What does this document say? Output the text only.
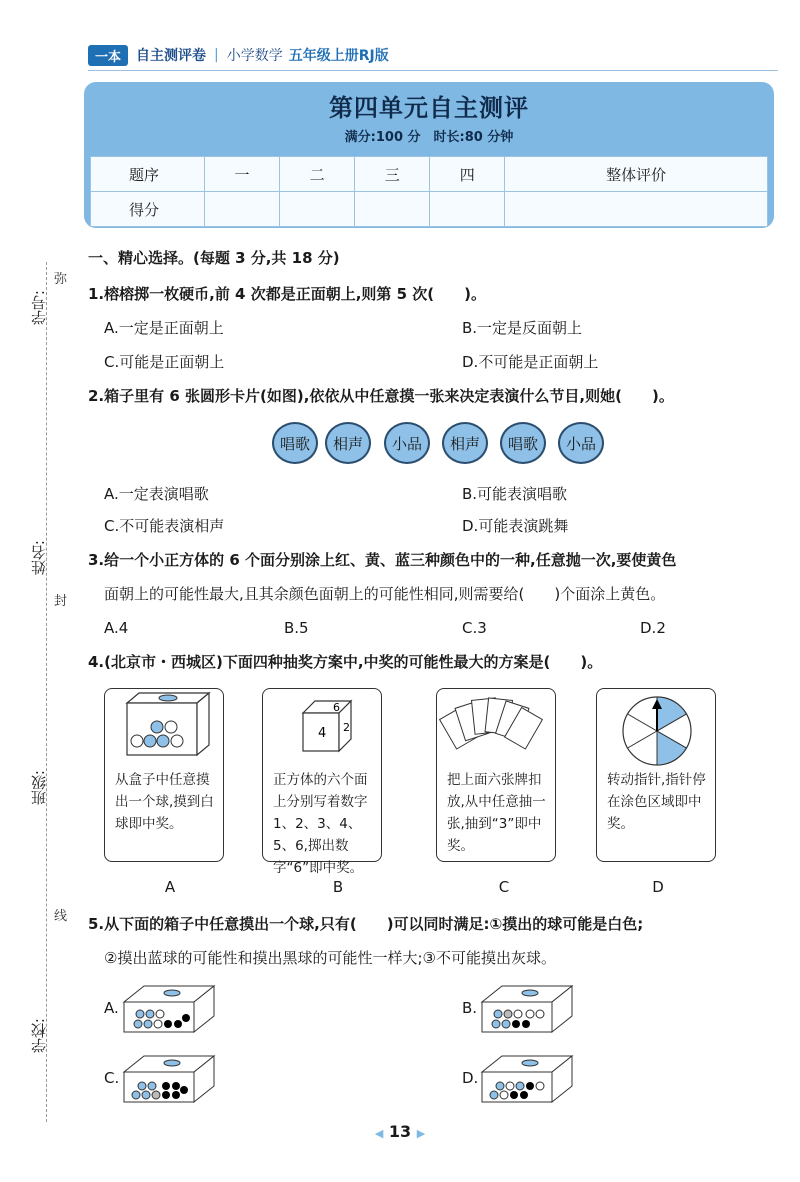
一本	自主测评卷 | 小学数学 五年级上册RJ版
第四单元自主测评
满分:100 分　时长:80 分钟
题序	一	二	三	四	整体评价
得分					
学号:
姓名:
班级:
学校:
弥
封
线
一、精心选择。(每题 3 分,共 18 分)
1.榕榕掷一枚硬币,前 4 次都是正面朝上,则第 5 次(　　)。
A.一定是正面朝上	B.一定是反面朝上
C.可能是正面朝上	D.不可能是正面朝上
2.箱子里有 6 张圆形卡片(如图),依依从中任意摸一张来决定表演什么节目,则她(　　)。
唱歌	相声	小品	相声	唱歌	小品
A.一定表演唱歌	B.可能表演唱歌
C.不可能表演相声	D.可能表演跳舞
3.给一个小正方体的 6 个面分别涂上红、黄、蓝三种颜色中的一种,任意抛一次,要使黄色
面朝上的可能性最大,且其余颜色面朝上的可能性相同,则需要给(　　)个面涂上黄色。
A.4	B.5	C.3	D.2
4.(北京市・西城区)下面四种抽奖方案中,中奖的可能性最大的方案是(　　)。
从盒子中任意摸出一个球,摸到白球即中奖。
A
6
4 2
正方体的六个面上分别写着数字1、2、3、4、5、6,掷出数字“6”即中奖。
B
把上面六张牌扣放,从中任意抽一张,抽到“3”即中奖。
C
转动指针,指针停在涂色区域即中奖。
D
5.从下面的箱子中任意摸出一个球,只有(　　)可以同时满足:①摸出的球可能是白色;
②摸出蓝球的可能性和摸出黑球的可能性一样大;③不可能摸出灰球。
A.	B.
C.	D.
◀ 13 ▶
